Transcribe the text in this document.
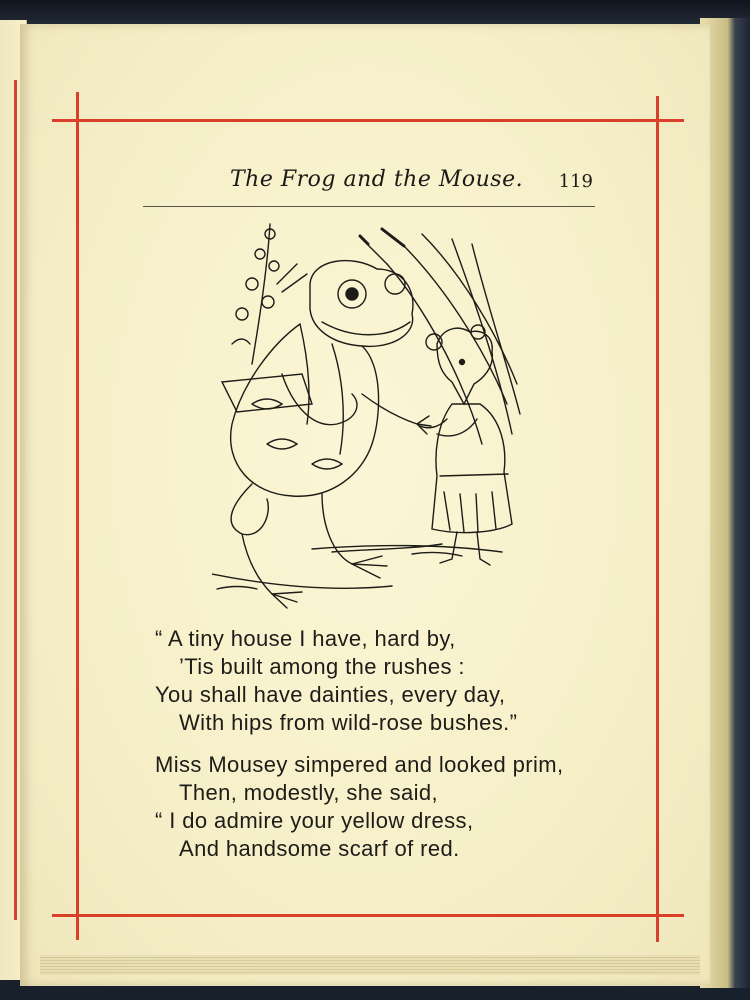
The Frog and the Mouse. 119
“ A tiny house I have, hard by,
’Tis built among the rushes :
You shall have dainties, every day,
With hips from wild-rose bushes.”
Miss Mousey simpered and looked prim,
Then, modestly, she said,
“ I do admire your yellow dress,
And handsome scarf of red.
